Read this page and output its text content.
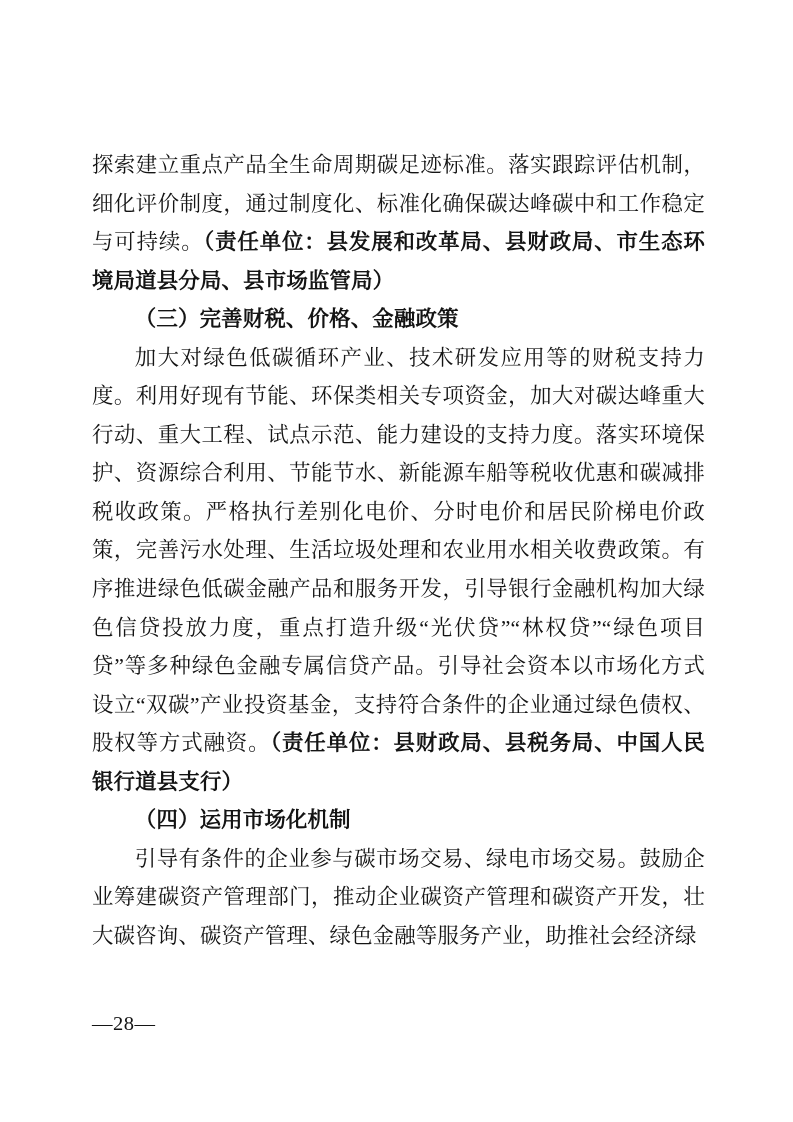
探索建立重点产品全生命周期碳足迹标准。落实跟踪评估机制，细化评价制度，通过制度化、标准化确保碳达峰碳中和工作稳定与可持续。（责任单位：县发展和改革局、县财政局、市生态环境局道县分局、县市场监管局）

（三）完善财税、价格、金融政策

加大对绿色低碳循环产业、技术研发应用等的财税支持力度。利用好现有节能、环保类相关专项资金，加大对碳达峰重大行动、重大工程、试点示范、能力建设的支持力度。落实环境保护、资源综合利用、节能节水、新能源车船等税收优惠和碳减排税收政策。严格执行差别化电价、分时电价和居民阶梯电价政策，完善污水处理、生活垃圾处理和农业用水相关收费政策。有序推进绿色低碳金融产品和服务开发，引导银行金融机构加大绿色信贷投放力度，重点打造升级“光伏贷”“林权贷”“绿色项目贷”等多种绿色金融专属信贷产品。引导社会资本以市场化方式设立“双碳”产业投资基金，支持符合条件的企业通过绿色债权、股权等方式融资。（责任单位：县财政局、县税务局、中国人民银行道县支行）

（四）运用市场化机制

引导有条件的企业参与碳市场交易、绿电市场交易。鼓励企业筹建碳资产管理部门，推动企业碳资产管理和碳资产开发，壮大碳咨询、碳资产管理、绿色金融等服务产业，助推社会经济绿

—28—
